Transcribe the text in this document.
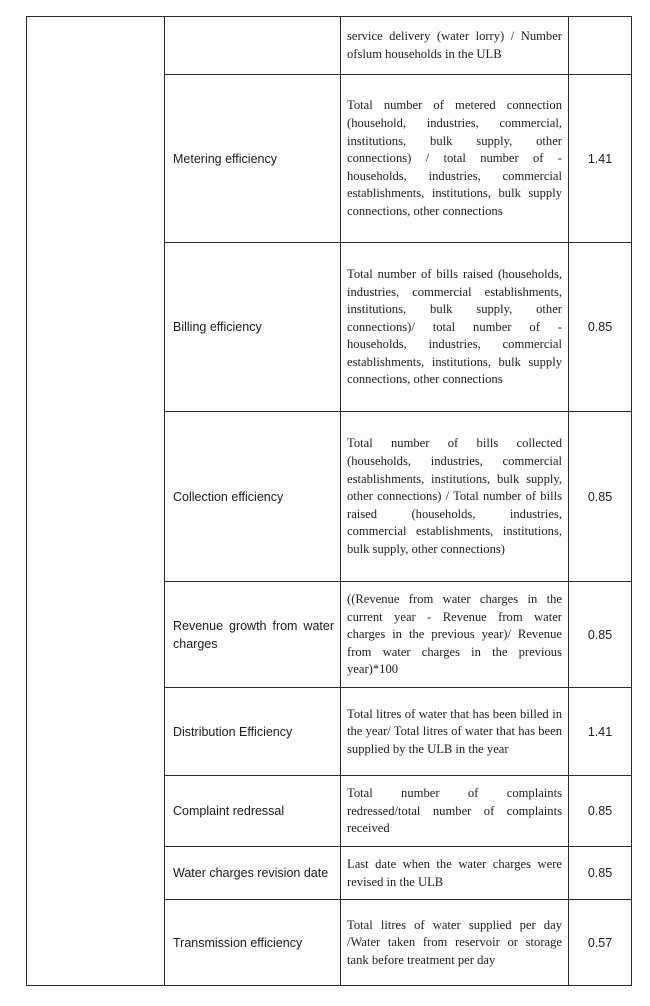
		service delivery (water lorry) / Number ofslum households in the ULB	
	Metering efficiency	Total number of metered connection (household, industries, commercial, institutions, bulk supply, other connections) / total number of - households, industries, commercial establishments, institutions, bulk supply connections, other connections	1.41
	Billing efficiency	Total number of bills raised (households, industries, commercial establishments, institutions, bulk supply, other connections)/ total number of - households, industries, commercial establishments, institutions, bulk supply connections, other connections	0.85
	Collection efficiency	Total number of bills collected (households, industries, commercial establishments, institutions, bulk supply, other connections) / Total number of bills raised (households, industries, commercial establishments, institutions, bulk supply, other connections)	0.85

	Revenue growth from water charges	((Revenue from water charges in the current year - Revenue from water charges in the previous year)/ Revenue from water charges in the previous year)*100	0.85
	Distribution Efficiency	Total litres of water that has been billed in the year/ Total litres of water that has been supplied by the ULB in the year	1.41
	Complaint redressal	Total number of complaints redressed/total number of complaints received	0.85

	Water charges revision date	Last date when the water charges were revised in the ULB	0.85
	Transmission efficiency	Total litres of water supplied per day /Water taken from reservoir or storage tank before treatment per day	0.57
